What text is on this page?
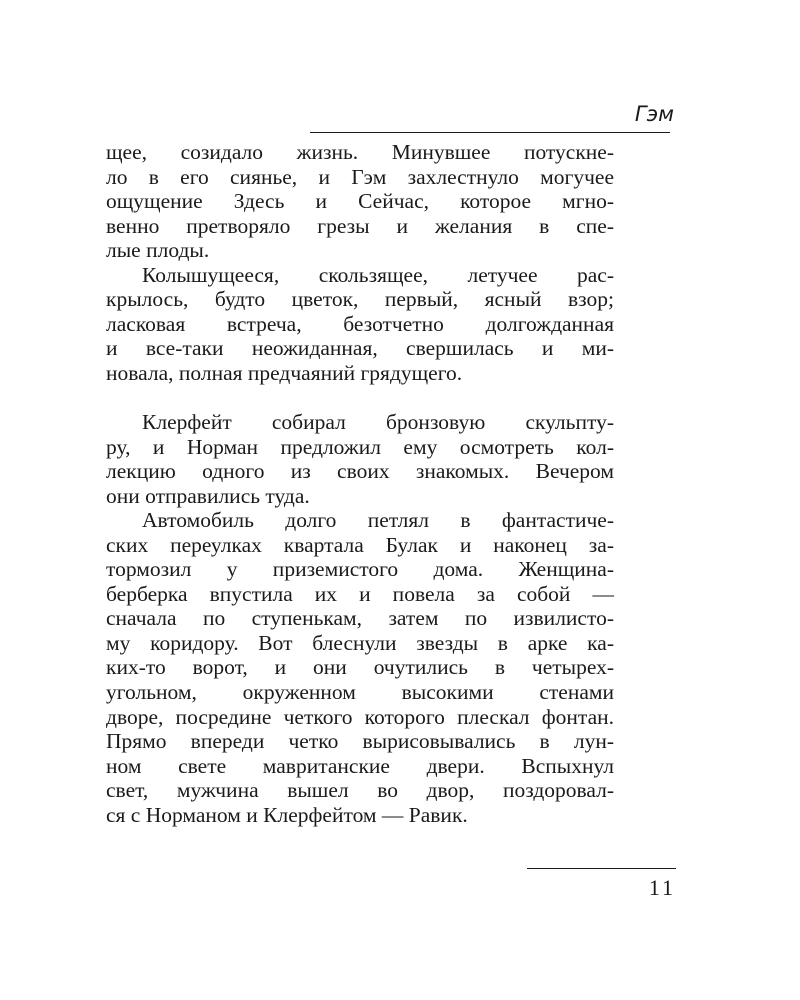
Гэм
щее, созидало жизнь. Минувшее потускне-
ло в его сиянье, и Гэм захлестнуло могучее
ощущение Здесь и Сейчас, которое мгно-
венно претворяло грезы и желания в спе-
лые плоды.
Колышущееся, скользящее, летучее рас-
крылось, будто цветок, первый, ясный взор;
ласковая встреча, безотчетно долгожданная
и все-таки неожиданная, свершилась и ми-
новала, полная предчаяний грядущего.
Клерфейт собирал бронзовую скульпту-
ру, и Норман предложил ему осмотреть кол-
лекцию одного из своих знакомых. Вечером
они отправились туда.
Автомобиль долго петлял в фантастиче-
ских переулках квартала Булак и наконец за-
тормозил у приземистого дома. Женщина-
берберка впустила их и повела за собой —
сначала по ступенькам, затем по извилисто-
му коридору. Вот блеснули звезды в арке ка-
ких-то ворот, и они очутились в четырех-
угольном, окруженном высокими стенами
дворе, посредине четкого которого плескал фонтан.
Прямо впереди четко вырисовывались в лун-
ном свете мавританские двери. Вспыхнул
свет, мужчина вышел во двор, поздоровал-
ся с Норманом и Клерфейтом — Равик.
11
